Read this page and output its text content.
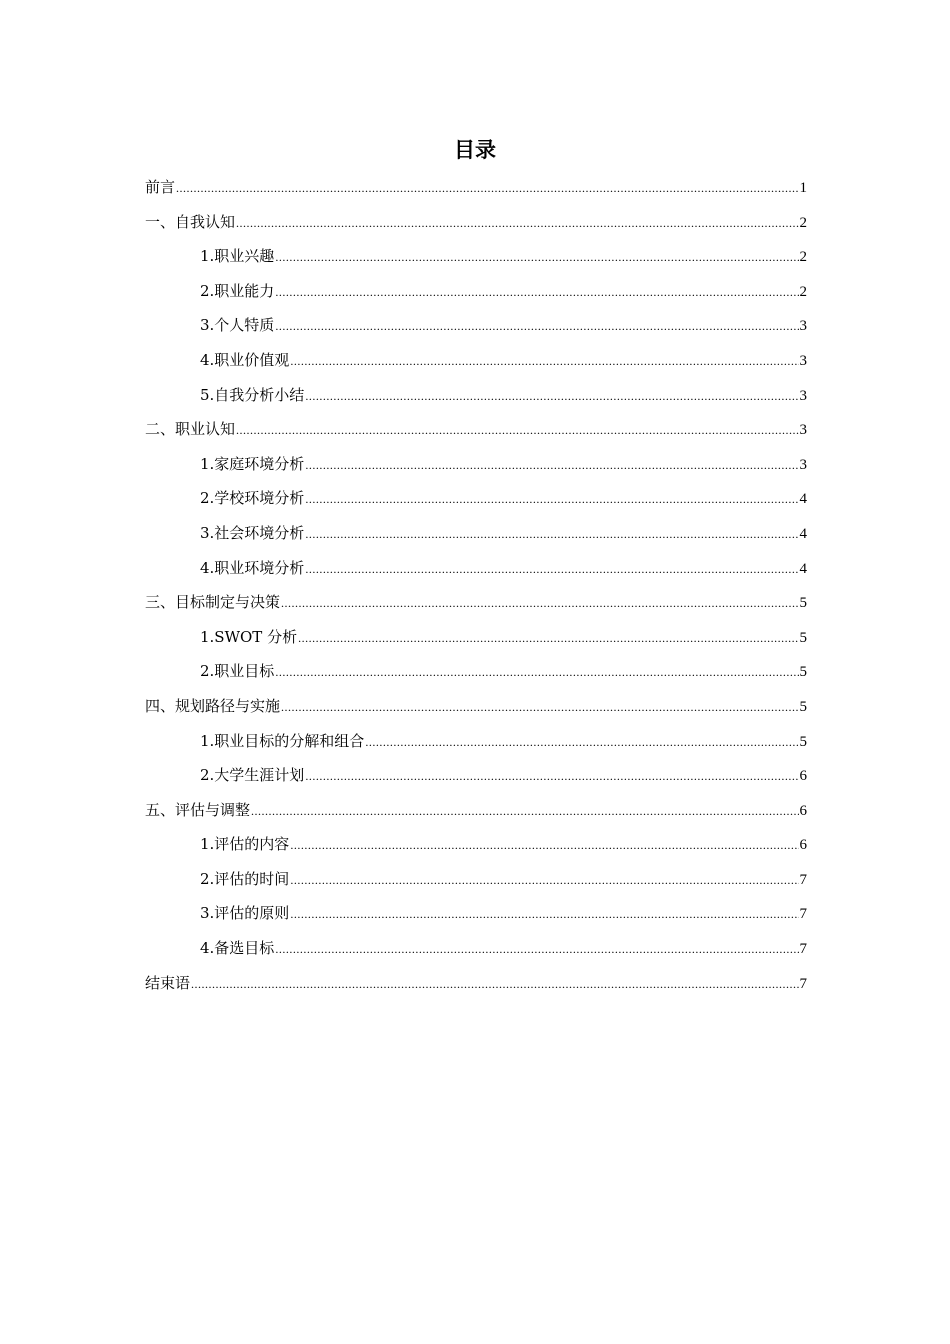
目录
前言 .....	1
一、自我认知 .....	2
1.职业兴趣 .....	2
2.职业能力 .....	2
3.个人特质 .....	3
4.职业价值观 .....	3
5.自我分析小结 .....	3
二、职业认知 .....	3
1.家庭环境分析 .....	3
2.学校环境分析 .....	4
3.社会环境分析 .....	4
4.职业环境分析 .....	4
三、目标制定与决策 .....	5
1.SWOT 分析 .....	5
2.职业目标 .....	5
四、规划路径与实施 .....	5
1.职业目标的分解和组合 .....	5
2.大学生涯计划 .....	6
五、评估与调整 .....	6
1.评估的内容 .....	6
2.评估的时间 .....	7
3.评估的原则 .....	7
4.备选目标 .....	7
结束语 .....	7
